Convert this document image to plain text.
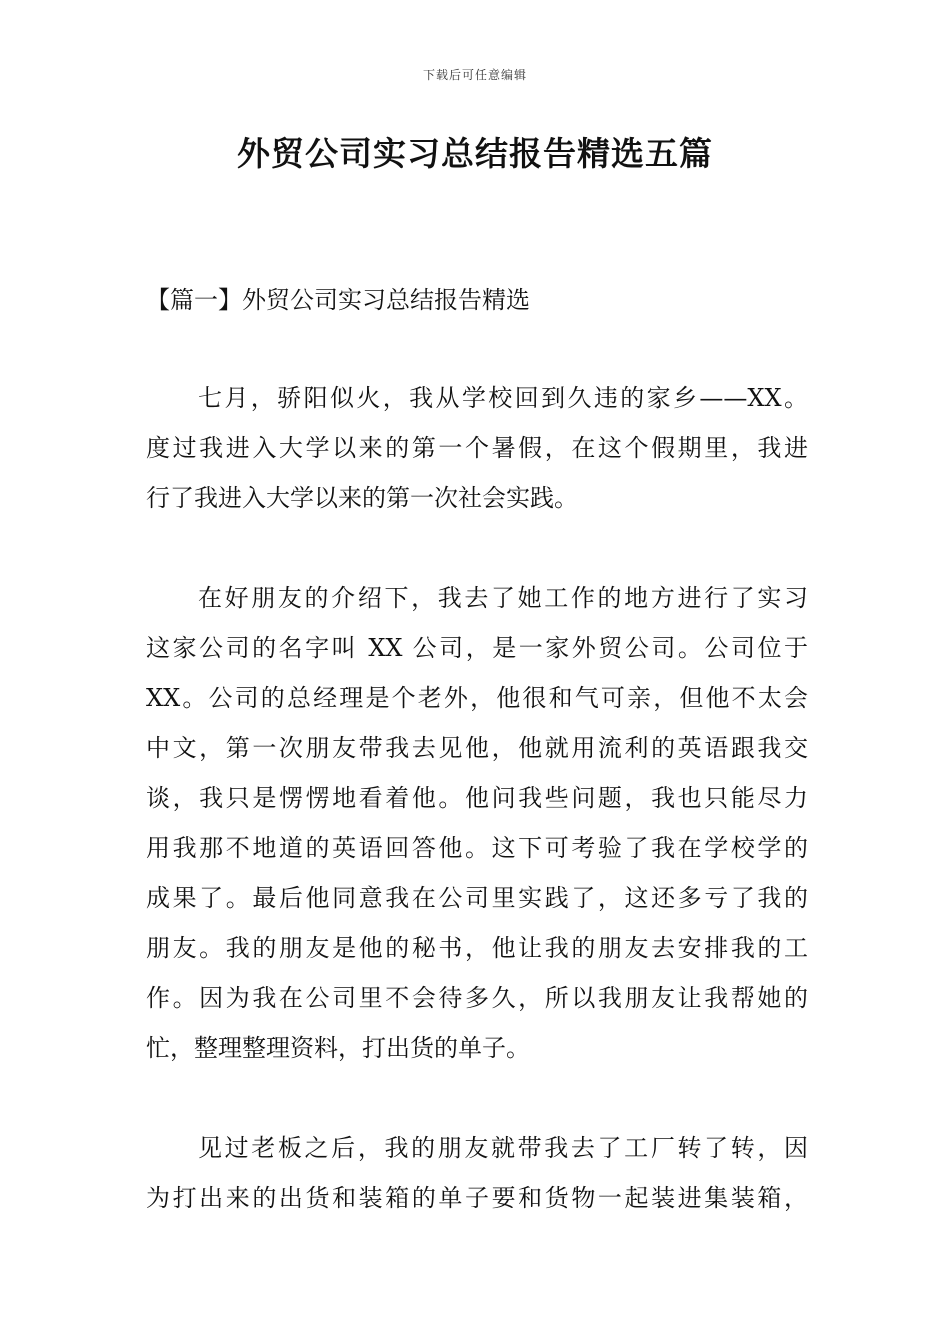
下载后可任意编辑
外贸公司实习总结报告精选五篇
【篇一】外贸公司实习总结报告精选
七月，骄阳似火，我从学校回到久违的家乡——XX。
度过我进入大学以来的第一个暑假，在这个假期里，我进
行了我进入大学以来的第一次社会实践。
在好朋友的介绍下，我去了她工作的地方进行了实习
这家公司的名字叫 XX 公司，是一家外贸公司。公司位于
XX。公司的总经理是个老外，他很和气可亲，但他不太会
中文，第一次朋友带我去见他，他就用流利的英语跟我交
谈，我只是愣愣地看着他。他问我些问题，我也只能尽力
用我那不地道的英语回答他。这下可考验了我在学校学的
成果了。最后他同意我在公司里实践了，这还多亏了我的
朋友。我的朋友是他的秘书，他让我的朋友去安排我的工
作。因为我在公司里不会待多久，所以我朋友让我帮她的
忙，整理整理资料，打出货的单子。
见过老板之后，我的朋友就带我去了工厂转了转，因
为打出来的出货和装箱的单子要和货物一起装进集装箱，
